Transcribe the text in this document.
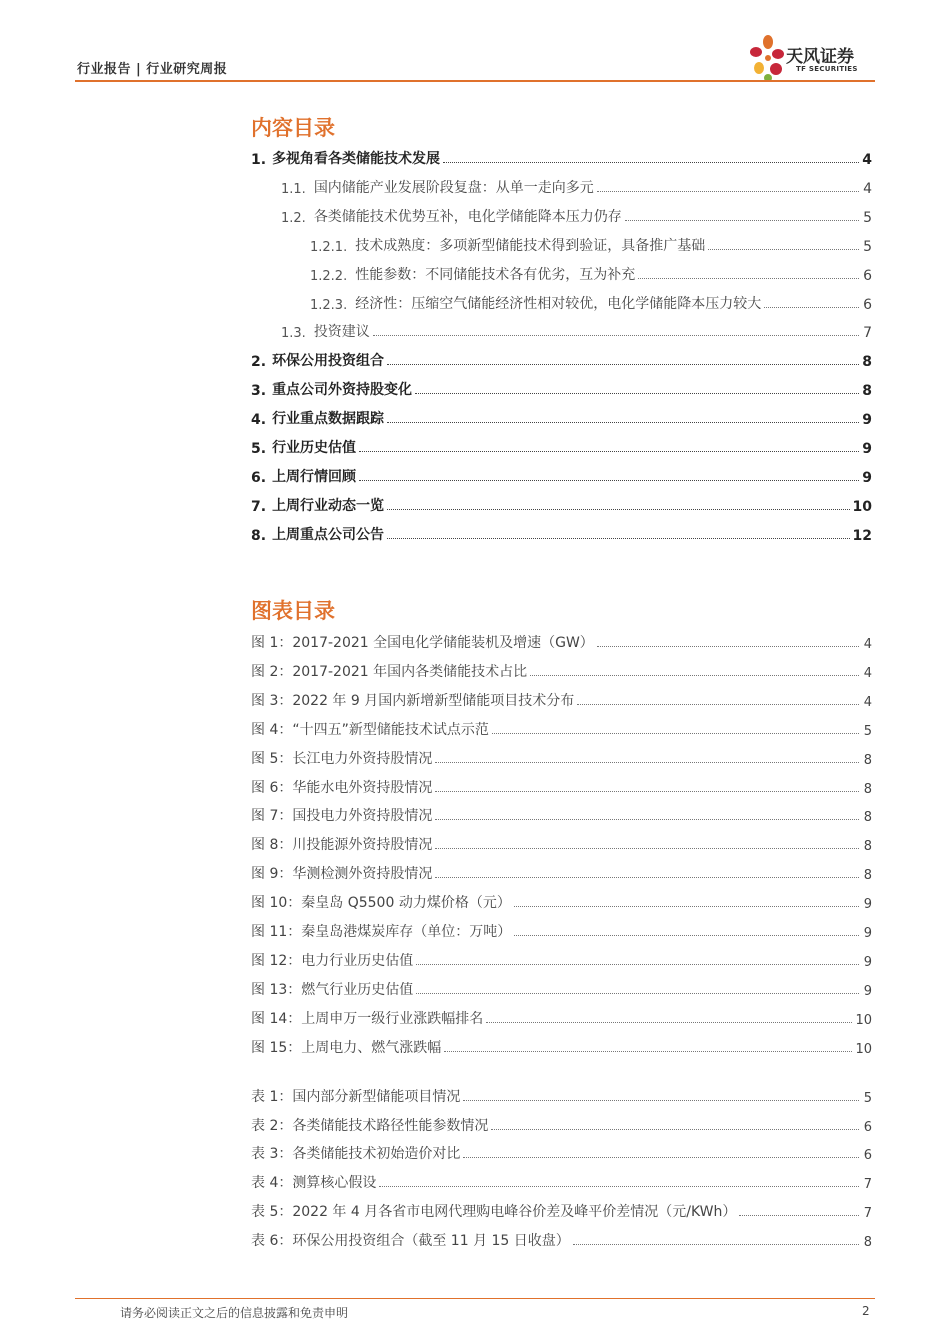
行业报告 | 行业研究周报
天风证券
TF SECURITIES
内容目录
1. 多视角看各类储能技术发展	4
1.1. 国内储能产业发展阶段复盘：从单一走向多元	4
1.2. 各类储能技术优势互补，电化学储能降本压力仍存	5
1.2.1. 技术成熟度：多项新型储能技术得到验证，具备推广基础	5
1.2.2. 性能参数：不同储能技术各有优劣，互为补充	6
1.2.3. 经济性：压缩空气储能经济性相对较优，电化学储能降本压力较大	6
1.3. 投资建议	7
2. 环保公用投资组合	8
3. 重点公司外资持股变化	8
4. 行业重点数据跟踪	9
5. 行业历史估值	9
6. 上周行情回顾	9
7. 上周行业动态一览	10
8. 上周重点公司公告	12
图表目录
图 1：2017-2021 全国电化学储能装机及增速（GW）	4
图 2：2017-2021 年国内各类储能技术占比	4
图 3：2022 年 9 月国内新增新型储能项目技术分布	4
图 4：“十四五”新型储能技术试点示范	5
图 5：长江电力外资持股情况	8
图 6：华能水电外资持股情况	8
图 7：国投电力外资持股情况	8
图 8：川投能源外资持股情况	8
图 9：华测检测外资持股情况	8
图 10：秦皇岛 Q5500 动力煤价格（元）	9
图 11：秦皇岛港煤炭库存（单位：万吨）	9
图 12：电力行业历史估值	9
图 13：燃气行业历史估值	9
图 14：上周申万一级行业涨跌幅排名	10
图 15：上周电力、燃气涨跌幅	10
表 1：国内部分新型储能项目情况	5
表 2：各类储能技术路径性能参数情况	6
表 3：各类储能技术初始造价对比	6
表 4：测算核心假设	7
表 5：2022 年 4 月各省市电网代理购电峰谷价差及峰平价差情况（元/KWh）	7
表 6：环保公用投资组合（截至 11 月 15 日收盘）	8
请务必阅读正文之后的信息披露和免责申明	2
